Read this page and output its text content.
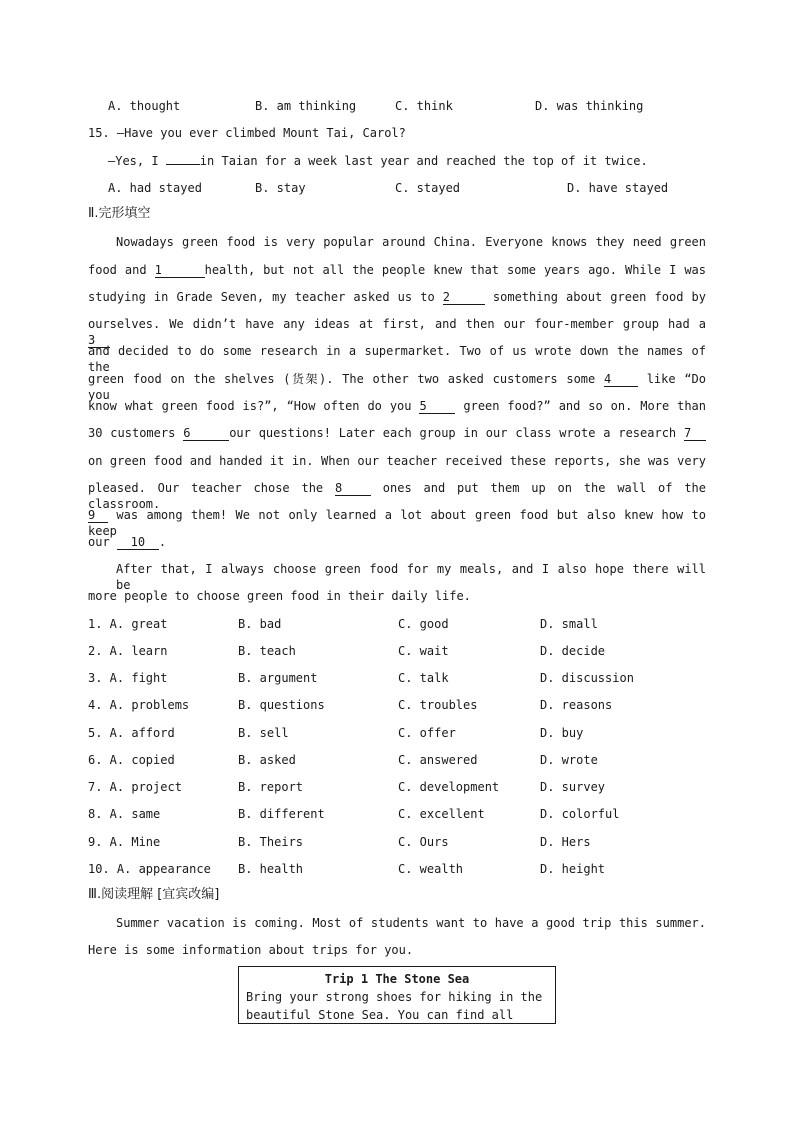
A. thought	B. am thinking	C. think	D. was thinking
15. —Have you ever climbed Mount Tai, Carol?
—Yes, I	in Taian for a week last year and reached the top of it twice.
A. had stayed	B. stay	C. stayed	D. have stayed
Ⅱ.完形填空
Nowadays green food is very popular around China. Everyone knows they need green
food and 1	health, but not all the people knew that some years ago. While I was
studying in Grade Seven, my teacher asked us to 2	something about green food by
ourselves. We didn’t have any ideas at first, and then our four-member group had a 3
and decided to do some research in a supermarket. Two of us wrote down the names of the
green food on the shelves (货架). The other two asked customers some 4 like “Do you
know what green food is?”, “How often do you 5 green food?” and so on. More than
30 customers 6	our questions! Later each group in our class wrote a research 7
on green food and handed it in. When our teacher received these reports, she was very
pleased. Our teacher chose the 8 ones and put them up on the wall of the classroom.
9 was among them! We not only learned a lot about green food but also knew how to keep
our 10 .
After that, I always choose green food for my meals, and I also hope there will be
more people to choose green food in their daily life.
1. A. great	B. bad	C. good	D. small
2. A. learn	B. teach	C. wait	D. decide
3. A. fight	B. argument	C. talk	D. discussion
4. A. problems	B. questions	C. troubles	D. reasons
5. A. afford	B. sell	C. offer	D. buy
6. A. copied	B. asked	C. answered	D. wrote
7. A. project	B. report	C. development	D. survey
8. A. same	B. different	C. excellent	D. colorful
9. A. Mine	B. Theirs	C. Ours	D. Hers
10. A. appearance B. health	C. wealth	D. height
Ⅲ.阅读理解 [宜宾改编]
Summer vacation is coming. Most of students want to have a good trip this summer.
Here is some information about trips for you.
Trip 1 The Stone Sea
Bring your strong shoes for hiking in the
beautiful Stone Sea. You can find all
